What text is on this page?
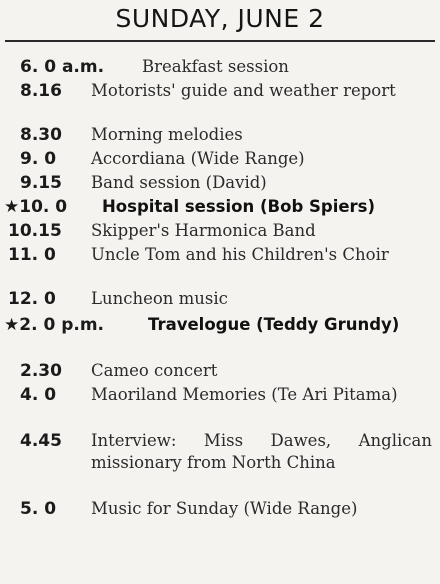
SUNDAY, JUNE 2
6. 0 a.m. Breakfast session
8.16 Motorists' guide and weather report
8.30 Morning melodies
9. 0 Accordiana (Wide Range)
9.15 Band session (David)
★10. 0 Hospital session (Bob Spiers)
10.15 Skipper's Harmonica Band
11. 0 Uncle Tom and his Children's Choir
12. 0 Luncheon music
★2. 0 p.m.	Travelogue (Teddy Grundy)
2.30 Cameo concert
4. 0 Maoriland Memories (Te Ari Pitama)
4.45 Interview: Miss Dawes, Anglican missionary from North China
5. 0 Music for Sunday (Wide Range)
